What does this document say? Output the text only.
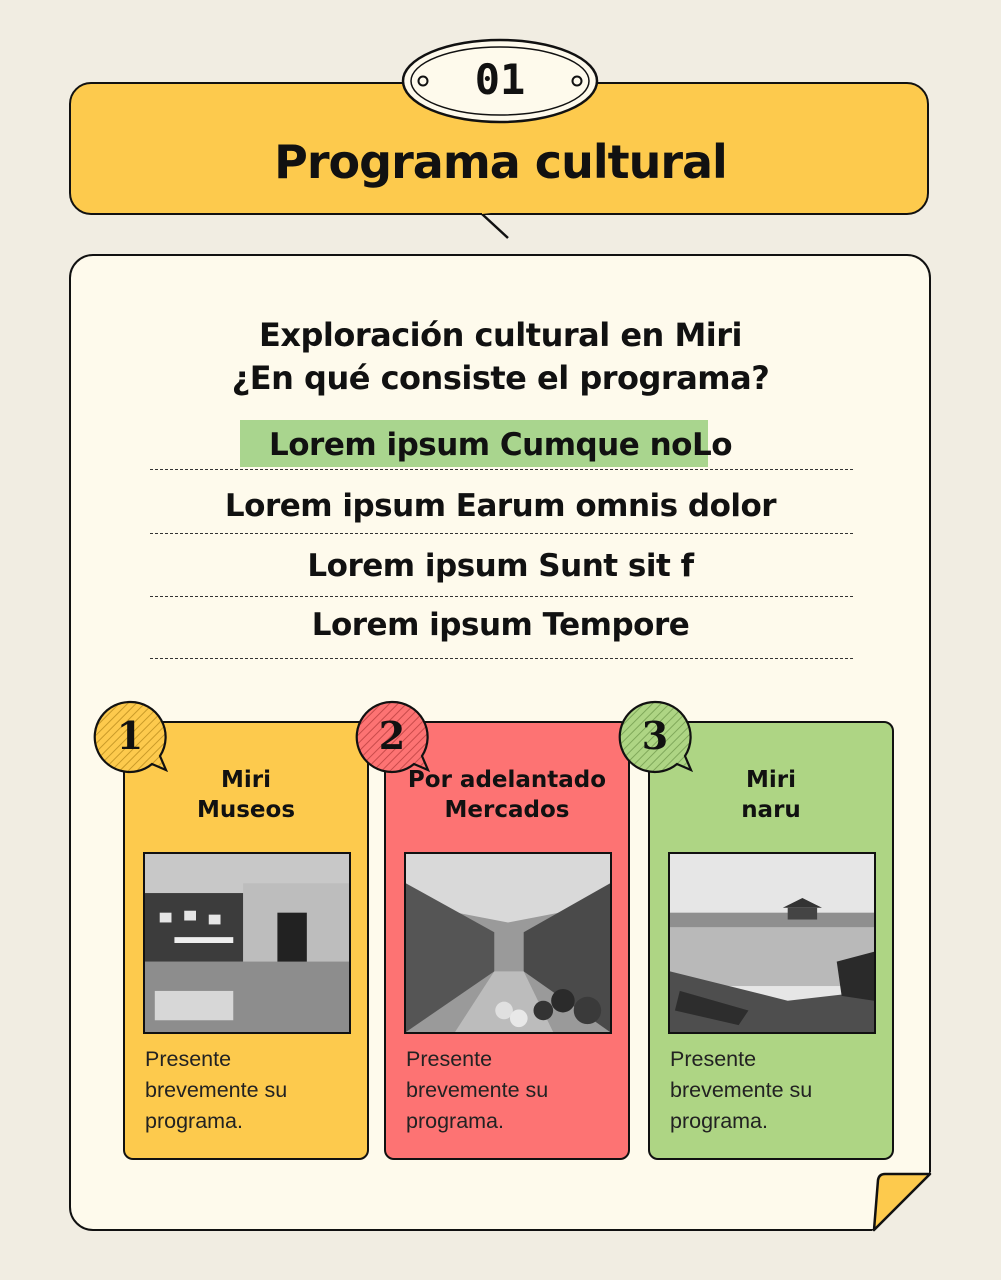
Programa cultural
01
Exploración cultural en Miri
¿En qué consiste el programa?
Lorem ipsum Cumque noLo
Lorem ipsum Earum omnis dolor
Lorem ipsum Sunt sit f
Lorem ipsum Tempore
Miri
Museos
Presente brevemente su programa.
Por adelantado
Mercados
Presente brevemente su programa.
Miri
naru
Presente brevemente su programa.
1	2	3
